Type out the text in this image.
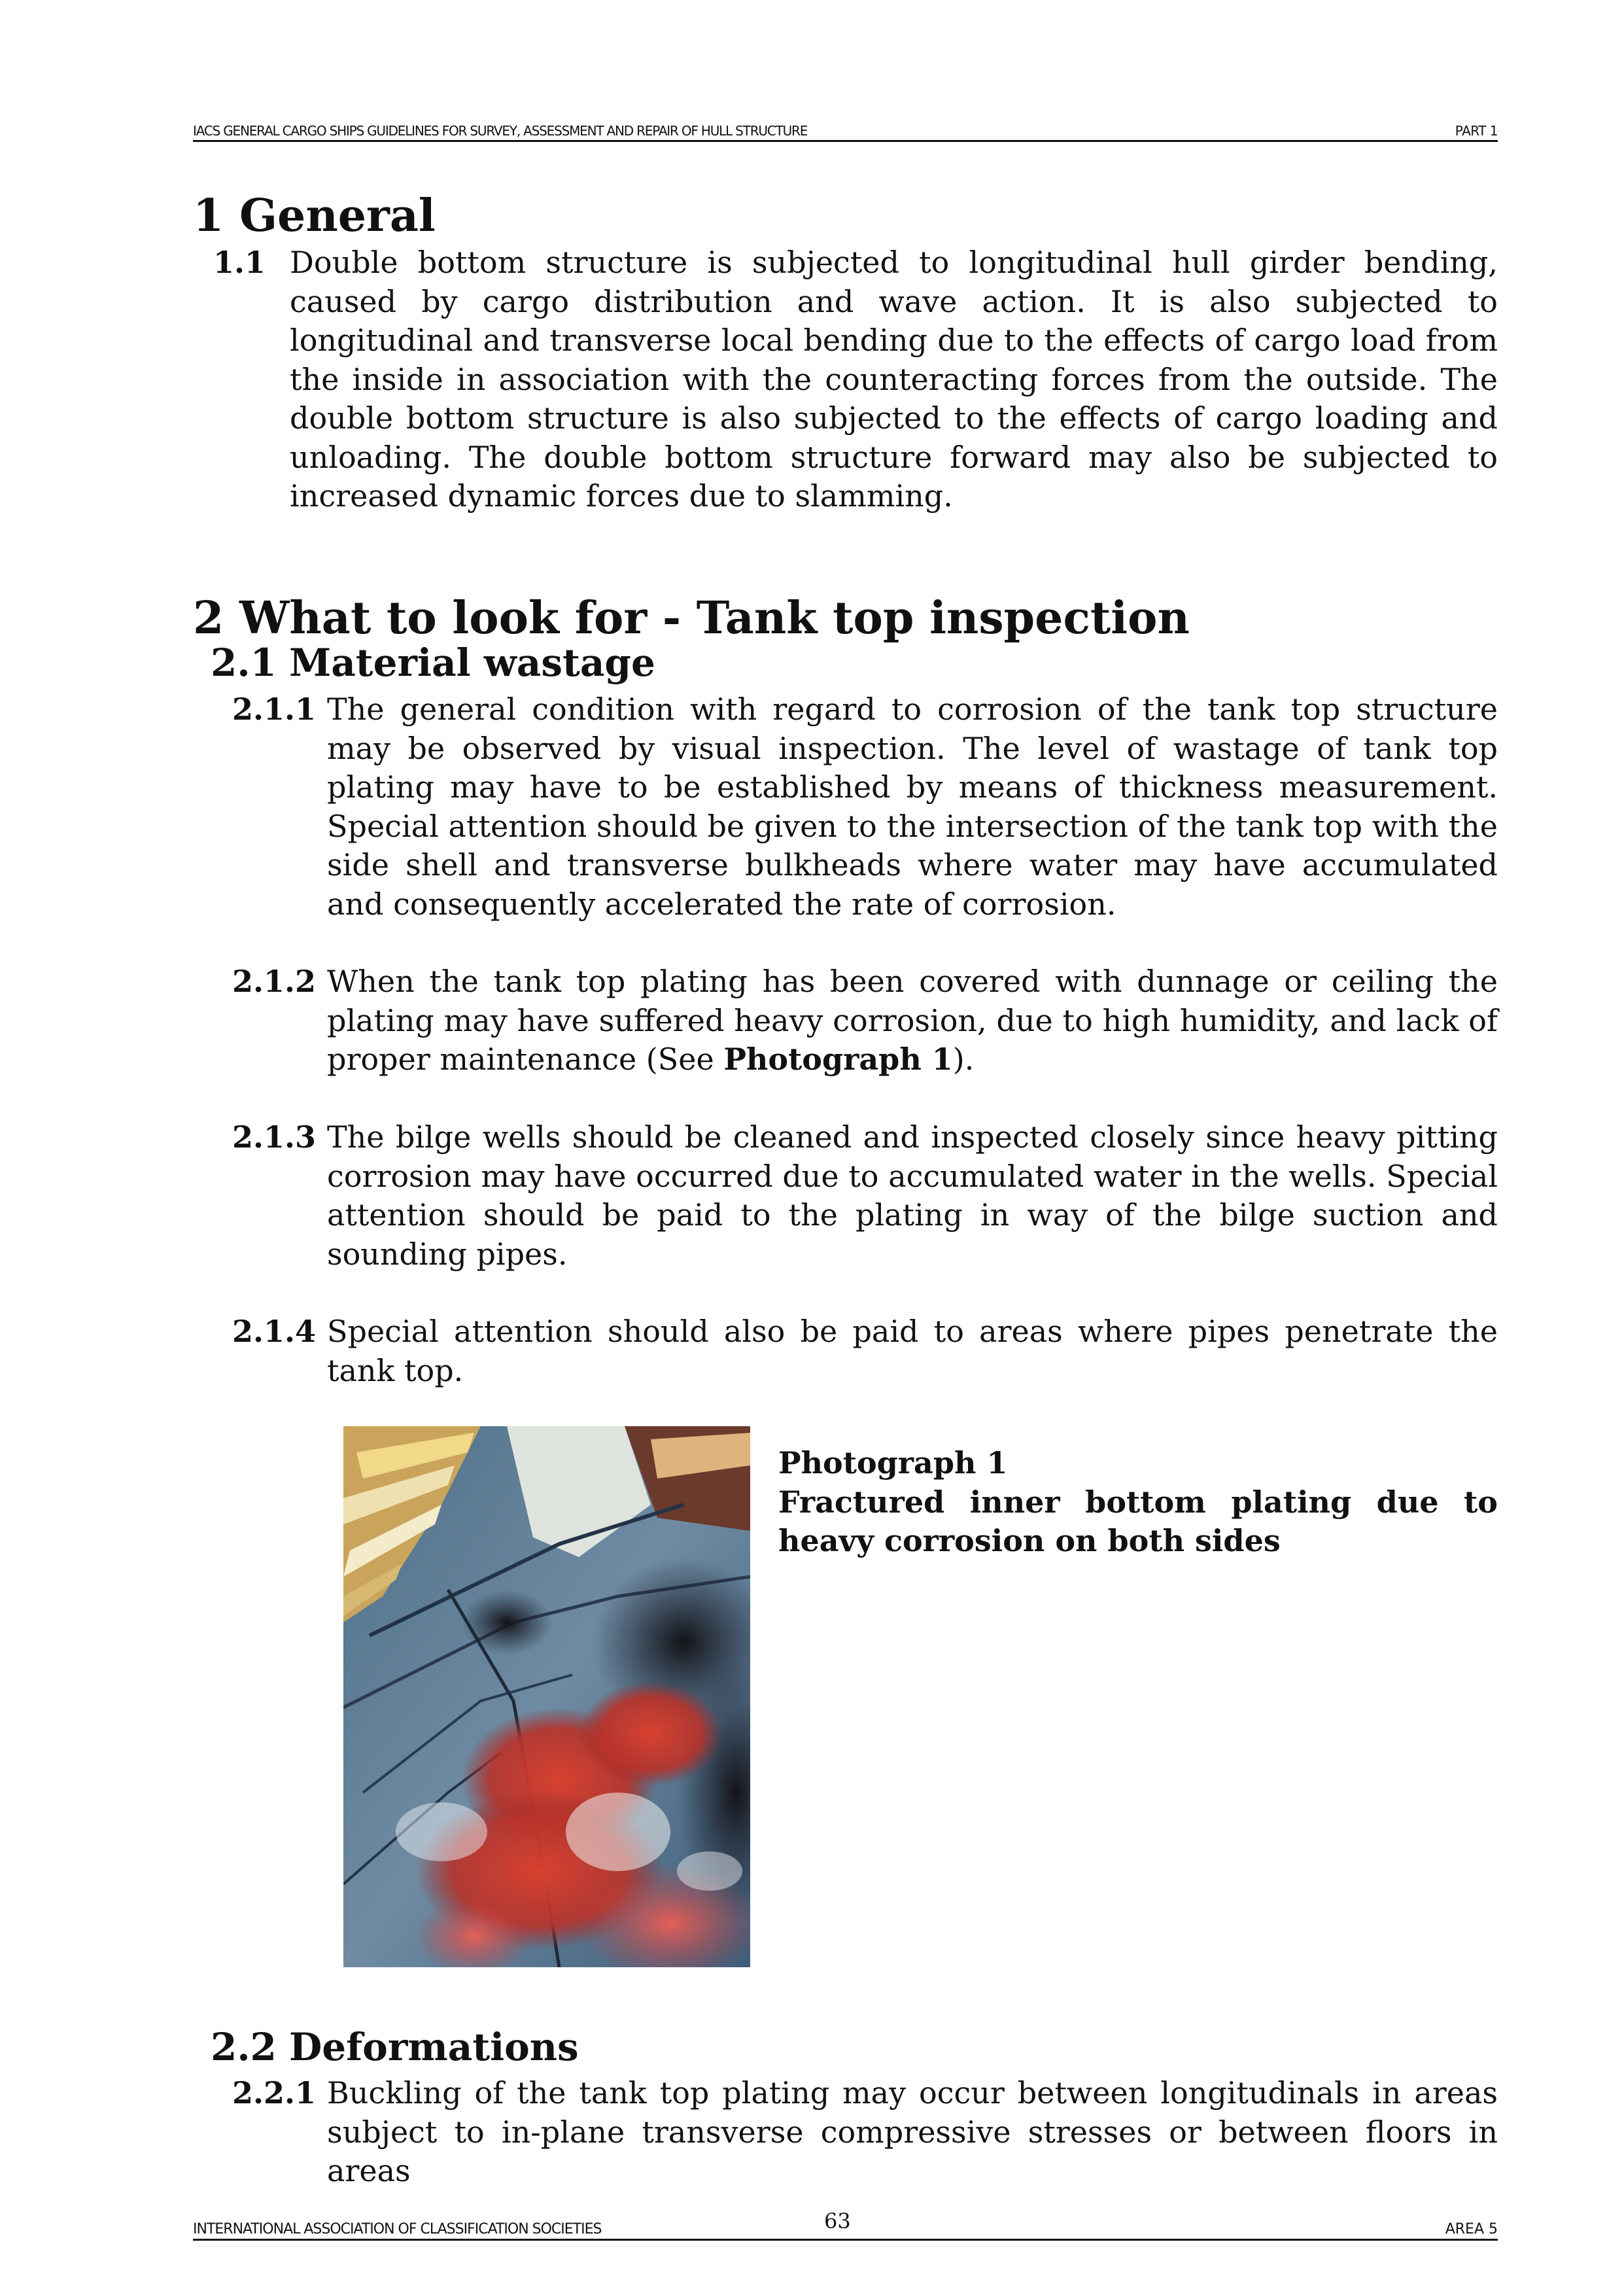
IACS GENERAL CARGO SHIPS GUIDELINES FOR SURVEY, ASSESSMENT AND REPAIR OF HULL STRUCTURE	PART 1
1 General
1.1 Double bottom structure is subjected to longitudinal hull girder bending, caused by cargo distribution and wave action. It is also subjected to longitudinal and transverse local bending due to the effects of cargo load from the inside in association with the counteracting forces from the outside. The double bottom structure is also subjected to the effects of cargo loading and unloading. The double bottom structure forward may also be subjected to increased dynamic forces due to slamming.

2 What to look for - Tank top inspection
2.1 Material wastage
2.1.1 The general condition with regard to corrosion of the tank top structure may be observed by visual inspection. The level of wastage of tank top plating may have to be established by means of thickness measurement. Special attention should be given to the intersection of the tank top with the side shell and transverse bulkheads where water may have accumulated and consequently accelerated the rate of corrosion.

2.1.2 When the tank top plating has been covered with dunnage or ceiling the plating may have suffered heavy corrosion, due to high humidity, and lack of proper maintenance (See Photograph 1).

2.1.3 The bilge wells should be cleaned and inspected closely since heavy pitting corrosion may have occurred due to accumulated water in the wells. Special attention should be paid to the plating in way of the bilge suction and sounding pipes.

2.1.4 Special attention should also be paid to areas where pipes penetrate the tank top.

Photograph 1
Fractured inner bottom plating due to heavy corrosion on both sides
2.2 Deformations
2.2.1 Buckling of the tank top plating may occur between longitudinals in areas subject to in-plane transverse compressive stresses or between floors in areas

INTERNATIONAL ASSOCIATION OF CLASSIFICATION SOCIETIES	63	AREA 5
